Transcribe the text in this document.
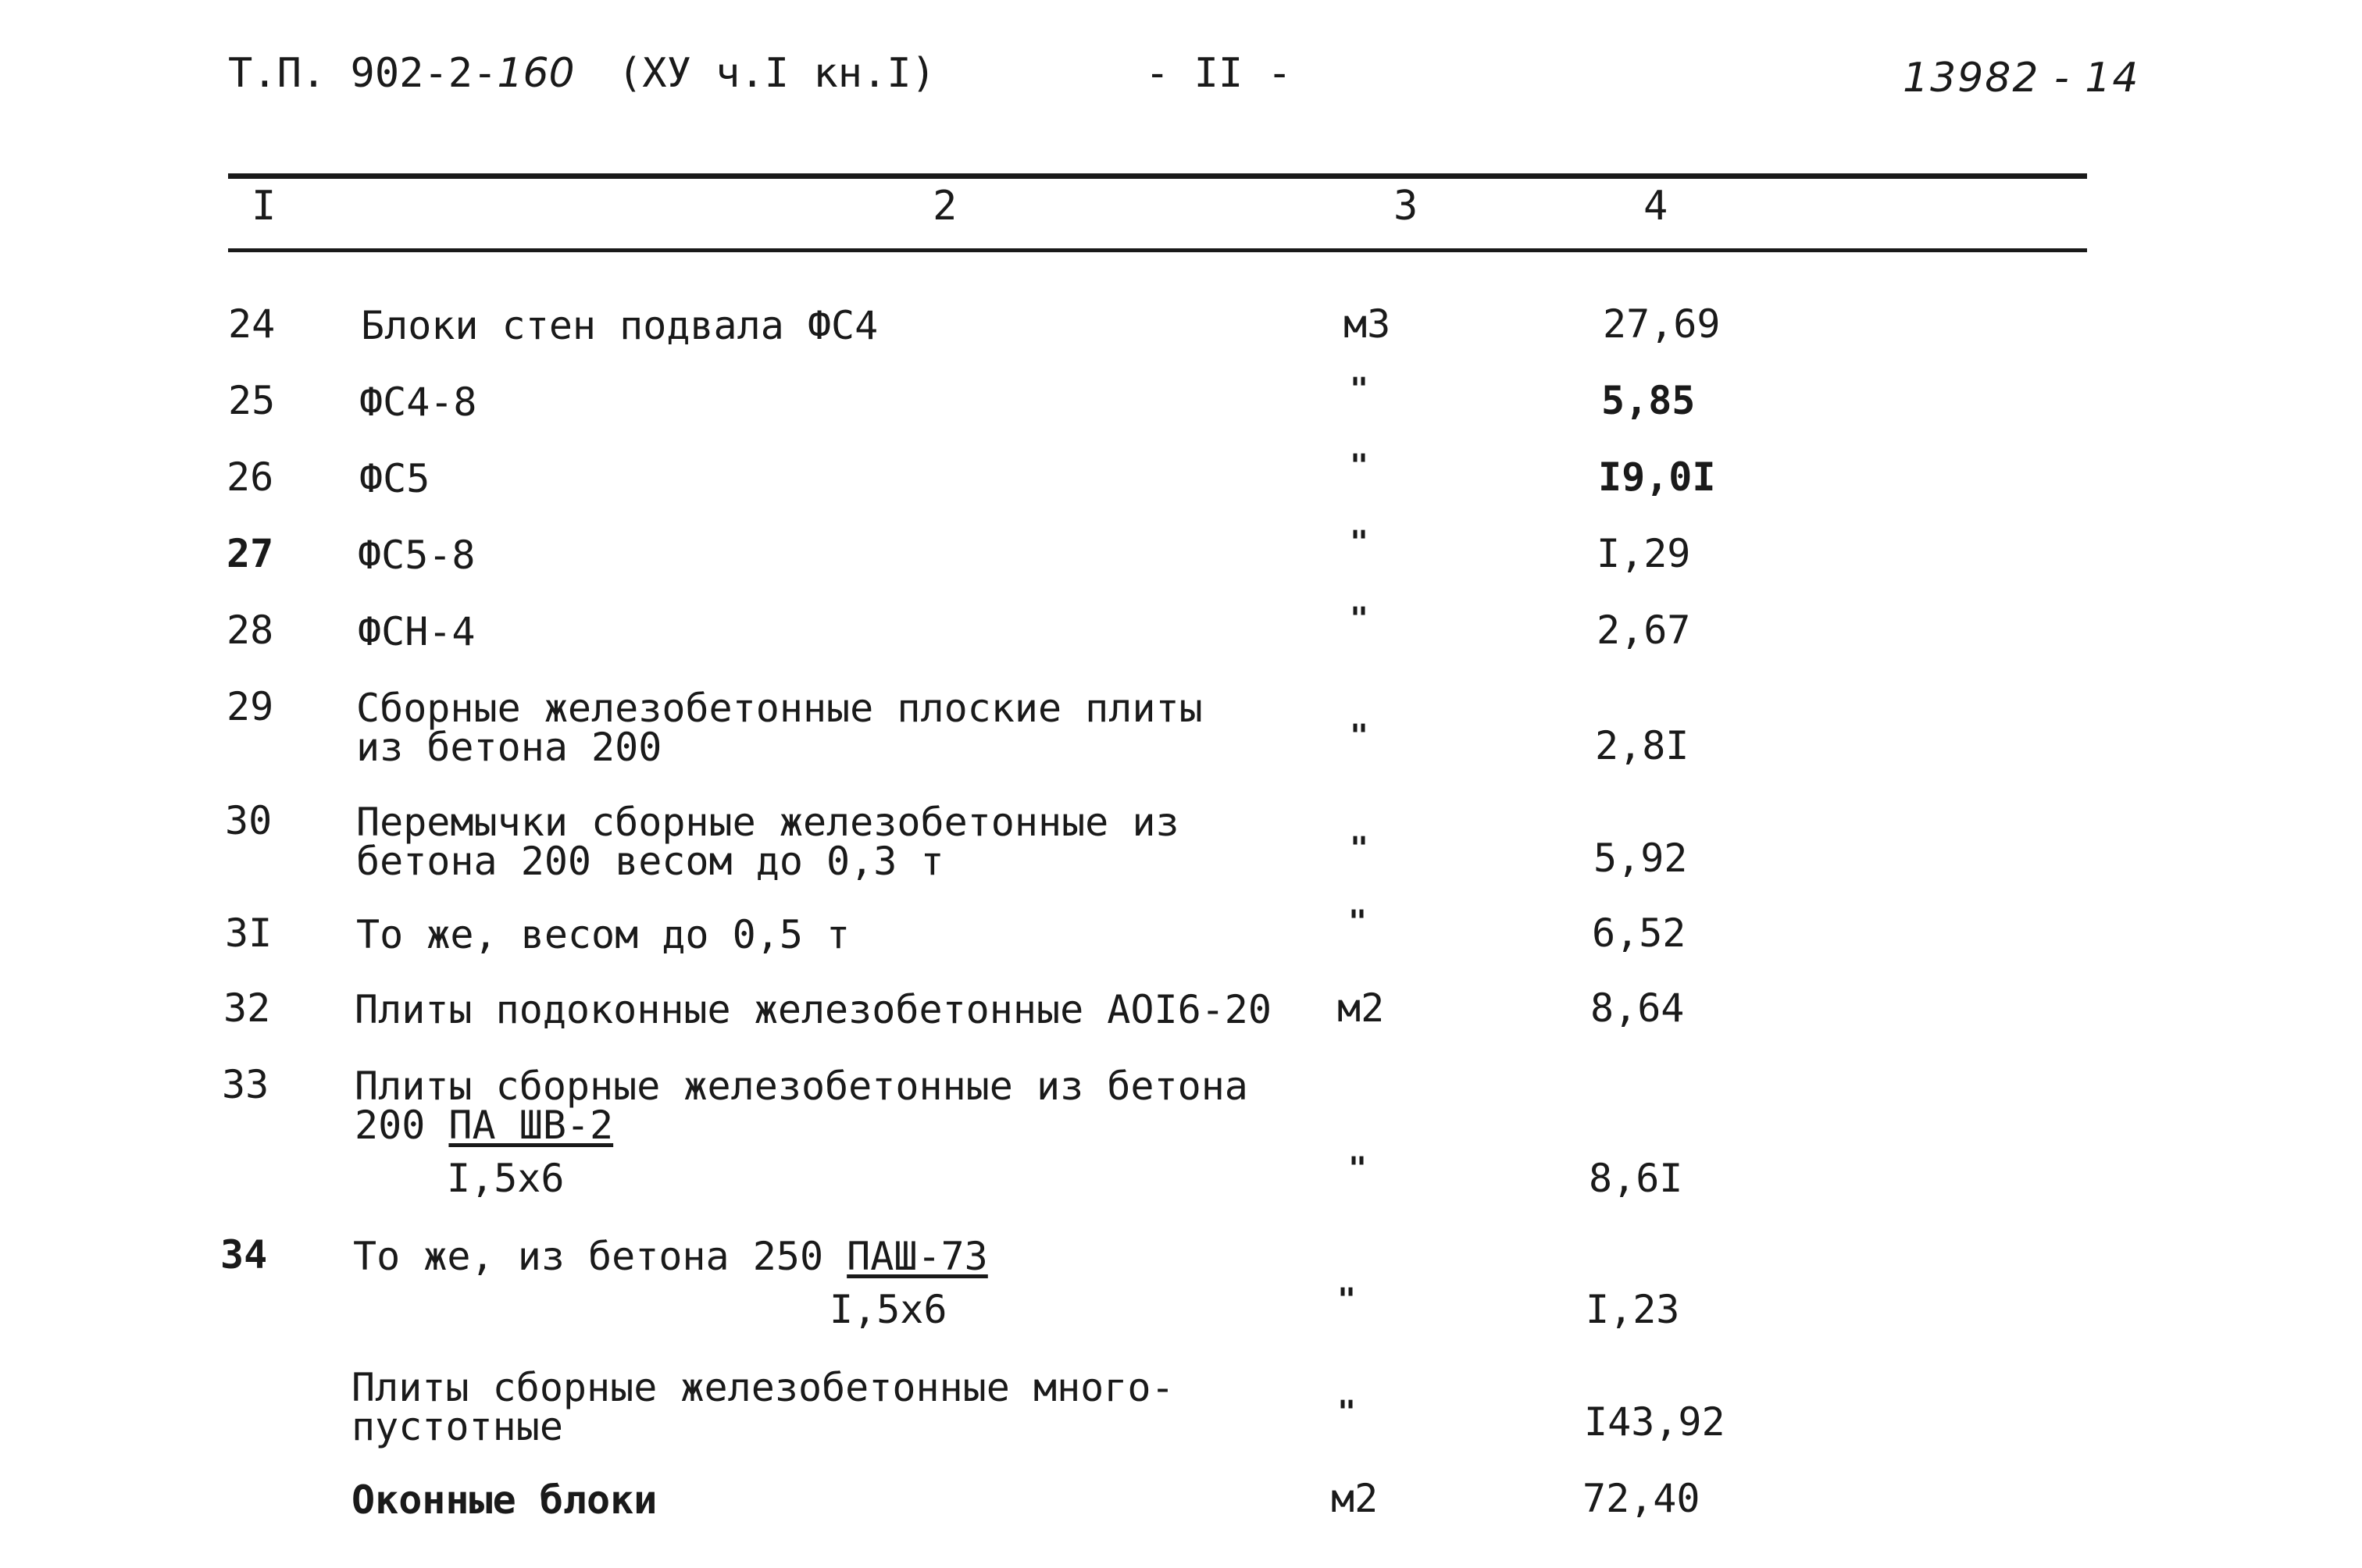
Т.П. 902-2-160 (ХУ ч.I кн.I)	- II -	13982 - 14
I	2	3	4
24 Блоки стен подвала ФС4	м3	27,69
25 ФС4-8	"	5,85
26 ФС5	"	I9,0I
27 ФС5-8	"	I,29
28 ФСН-4	"	2,67
29 Сборные железобетонные плоские плиты
из бетона 200	"	2,8I
30 Перемычки сборные железобетонные из
бетона 200 весом до 0,3 т	"	5,92
3I То же, весом до 0,5 т	"	6,52
32 Плиты подоконные железобетонные АОI6-20 м2	8,64
33 Плиты сборные железобетонные из бетона
200 ПА ШВ-2
I,5х6	"	8,6I
34 То же, из бетона 250 ПАШ-73
I,5х6	"	I,23
Плиты сборные железобетонные много-
пустотные	"	I43,92
Оконные блоки	м2	72,40
